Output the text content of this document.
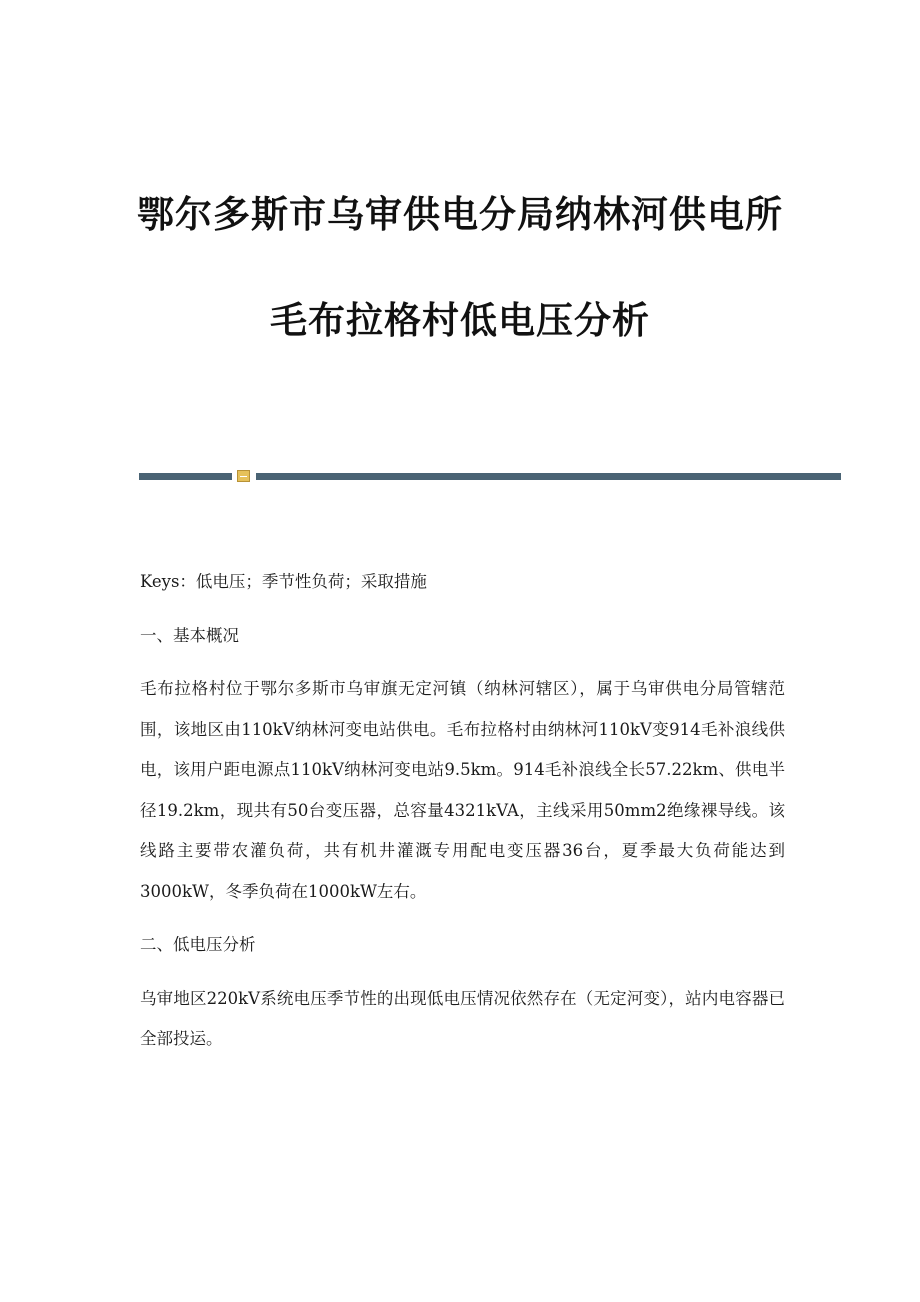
鄂尔多斯市乌审供电分局纳林河供电所
毛布拉格村低电压分析

Keys：低电压；季节性负荷；采取措施

一、基本概况

毛布拉格村位于鄂尔多斯市乌审旗无定河镇（纳林河辖区），属于乌审供电分局管辖范围，该地区由110kV纳林河变电站供电。毛布拉格村由纳林河110kV变914毛补浪线供电，该用户距电源点110kV纳林河变电站9.5km。914毛补浪线全长57.22km、供电半径19.2km，现共有50台变压器，总容量4321kVA，主线采用50mm2绝缘裸导线。该线路主要带农灌负荷，共有机井灌溉专用配电变压器36台，夏季最大负荷能达到3000kW，冬季负荷在1000kW左右。

二、低电压分析

乌审地区220kV系统电压季节性的出现低电压情况依然存在（无定河变），站内电容器已全部投运。
